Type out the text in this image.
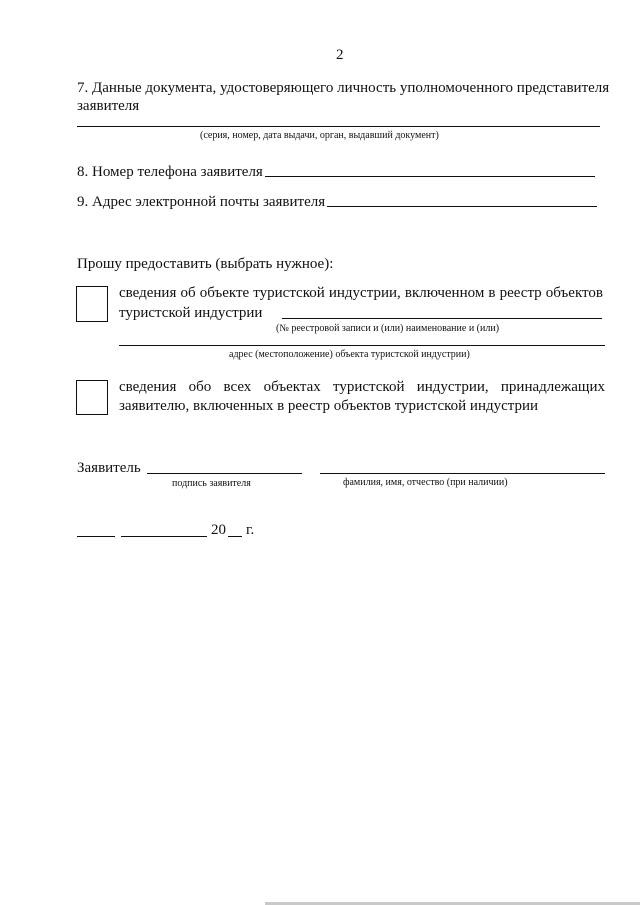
2
7. Данные документа, удостоверяющего личность уполномоченного представителя
заявителя
(серия, номер, дата выдачи, орган, выдавший документ)
8. Номер телефона заявителя
9. Адрес электронной почты заявителя
Прошу предоставить (выбрать нужное):
сведения об объекте туристской индустрии, включенном в реестр объектов
туристской индустрии
(№ реестровой записи и (или) наименование и (или)
адрес (местоположение) объекта туристской индустрии)
сведения обо всех объектах туристской индустрии, принадлежащих
заявителю, включенных в реестр объектов туристской индустрии
Заявитель
подпись заявителя	фамилия, имя, отчество (при наличии)
20 г.
